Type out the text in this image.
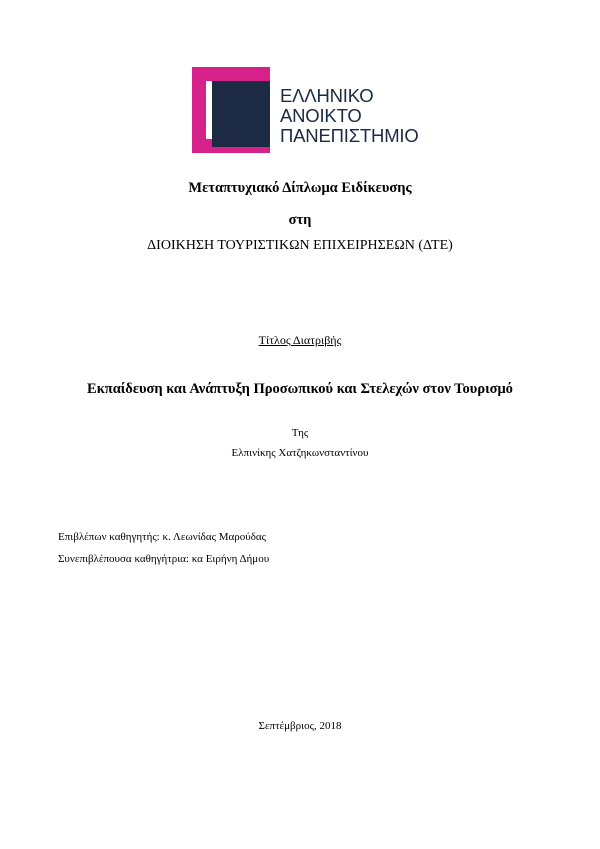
ΕΛΛΗΝΙΚΟ
ΑΝΟΙΚΤΟ
ΠΑΝΕΠΙΣΤΗΜΙΟ
Μεταπτυχιακό Δίπλωμα Ειδίκευσης
στη
ΔΙΟΙΚΗΣΗ ΤΟΥΡΙΣΤΙΚΩΝ ΕΠΙΧΕΙΡΗΣΕΩΝ (ΔΤΕ)
Τίτλος Διατριβής
Εκπαίδευση και Ανάπτυξη Προσωπικού και Στελεχών στον Τουρισμό
Της
Ελπινίκης Χατζηκωνσταντίνου
Επιβλέπων καθηγητής: κ. Λεωνίδας Μαρούδας
Συνεπιβλέπουσα καθηγήτρια: κα Ειρήνη Δήμου
Σεπτέμβριος, 2018
